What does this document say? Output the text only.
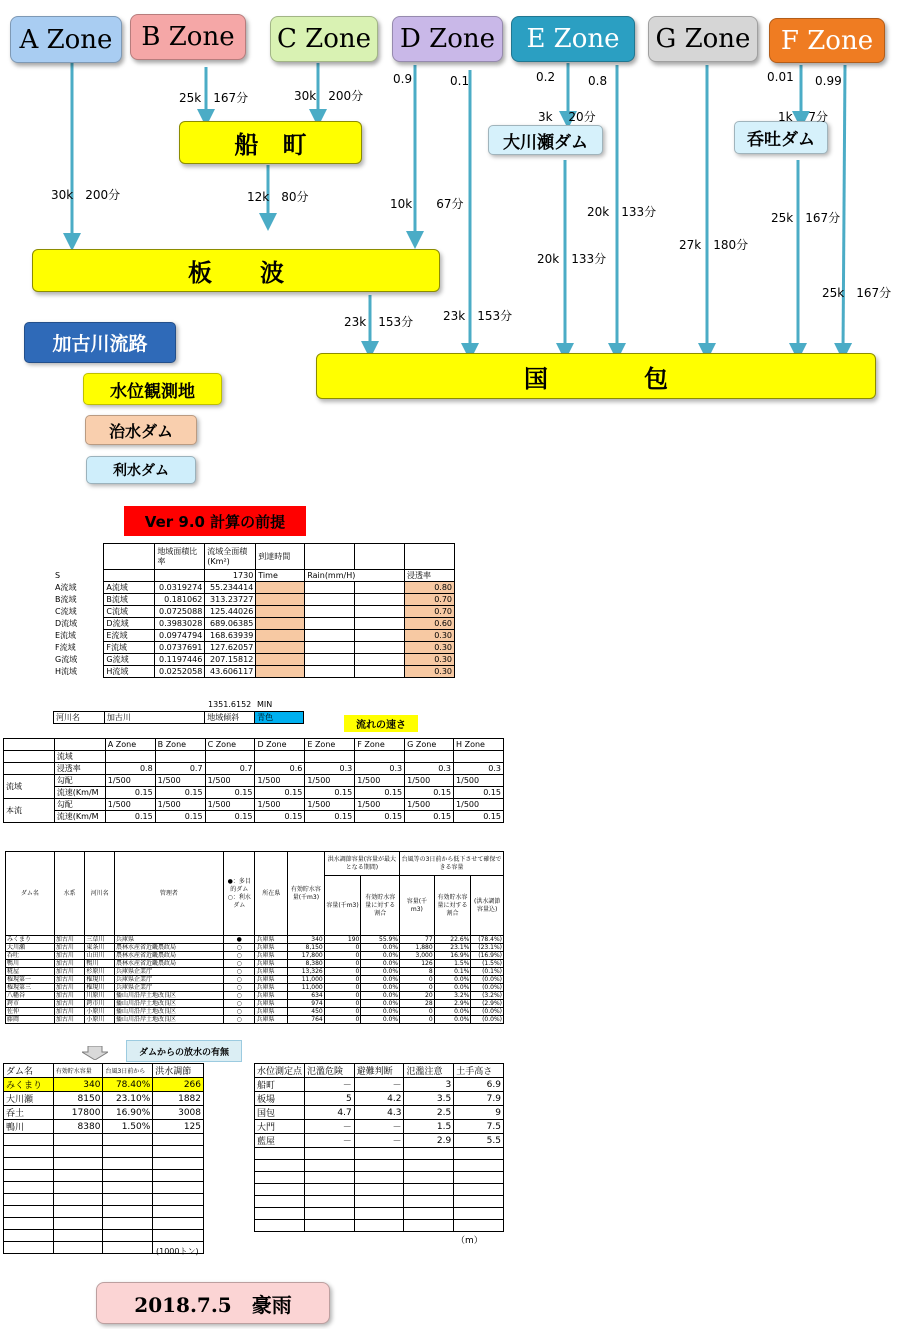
A Zone	B Zone	C Zone	D Zone	E Zone	G Zone	F Zone
船　町
板　　波
国　　　　包
大川瀬ダム	呑吐ダム
25k　167分	30k　200分
0.9	0.1	0.2	0.8	0.01 0.99
3k　 20分	1k　 7分
30k　200分	12k　80分	10k　　67分
20k　133分
20k　133分
27k　180分
25k　167分
25k　167分
23k　153分 23k　153分
加古川流路
水位観測地
治水ダム
利水ダム
Ver 9.0 計算の前提
		地域面積比率	流域全面積(Km²)	到達時間			
S			1730	Time	Rain(mm/H)		浸透率
A流域	A流域	0.0319274	55.234414				0.80
B流域	B流域	0.181062	313.23727				0.70
C流域	C流域	0.0725088	125.44026				0.70
D流域	D流域	0.3983028	689.06385				0.60
E流域	E流域	0.0974794	168.63939				0.30
F流域	F流域	0.0737691	127.62057				0.30
G流域	G流域	0.1197446	207.15812				0.30
H流域	H流域	0.0252058	43.606117				0.30
1351.6152 MIN
河川名	加古川	地域傾斜	青色
流れの速さ
		A Zone	B Zone	C Zone	D Zone	E Zone	F Zone	G Zone	H Zone
	流域								
	浸透率	0.8	0.7	0.7	0.6	0.3	0.3	0.3	0.3
流域	勾配	1/500	1/500	1/500	1/500	1/500	1/500	1/500	1/500
	流速(Km/M	0.15	0.15	0.15	0.15	0.15	0.15	0.15	0.15
本流	勾配	1/500	1/500	1/500	1/500	1/500	1/500	1/500	1/500
	流速(Km/M	0.15	0.15	0.15	0.15	0.15	0.15	0.15	0.15
ダム名	水系	河川名	管理者	●：多目的ダム ○：利水ダム	所在県	有効貯水容量(千m3)	洪水調節容量(容量が最大となる期間)		台風等の3日前から低下させて確保できる容量		
							容量(千m3)	有効貯水容量に対する割合	容量(千m3)	有効貯水容量に対する割合	(洪水調節容量込)
みくまり	加古川	三草川	兵庫県	●	兵庫県	340	190	55.9%	77	22.6%	(78.4%)
大川瀬	加古川	東条川	農林水産省近畿農政局	○	兵庫県	8,150	0	0.0%	1,880	23.1%	(23.1%)
呑吐	加古川	山田川	農林水産省近畿農政局	○	兵庫県	17,800	0	0.0%	3,000	16.9%	(16.9%)
鴨川	加古川	鴨川	農林水産省近畿農政局	○	兵庫県	8,380	0	0.0%	126	1.5%	(1.5%)
糀屋	加古川	杉原川	兵庫県企業庁	○	兵庫県	13,326	0	0.0%	8	0.1%	(0.1%)
権現第一	加古川	権現川	兵庫県企業庁	○	兵庫県	11,000	0	0.0%	0	0.0%	(0.0%)
権現第三	加古川	権現川	兵庫県企業庁	○	兵庫県	11,000	0	0.0%	0	0.0%	(0.0%)
八幡谷	加古川	川原川	播山川沿岸土地改良区	○	兵庫県	634	0	0.0%	20	3.2%	(3.2%)
鍔市	加古川	鍔市川	播山川沿岸土地改良区	○	兵庫県	974	0	0.0%	28	2.9%	(2.9%)
佐仲	加古川	小原川	播山川沿岸土地改良区	○	兵庫県	450	0	0.0%	0	0.0%	(0.0%)
藤岡	加古川	小原川	播山川沿岸土地改良区	○	兵庫県	764	0	0.0%	0	0.0%	(0.0%)
ダムからの放水の有無
ダム名	有効貯水容量	台風3日前から	洪水調節
みくまり	340	78.40%	266
大川瀬	8150	23.10%	1882
呑土	17800	16.90%	3008
鴨川	8380	1.50%	125

(1000トン)
水位測定点	氾濫危険	避難判断	氾濫注意	土手高さ
船町	－	－	3	6.9
板場	5	4.2	3.5	7.9
国包	4.7	4.3	2.5	9
大門	－	－	1.5	7.5
藍屋	－	－	2.9	5.5

（m）
2018.7.5　豪雨
